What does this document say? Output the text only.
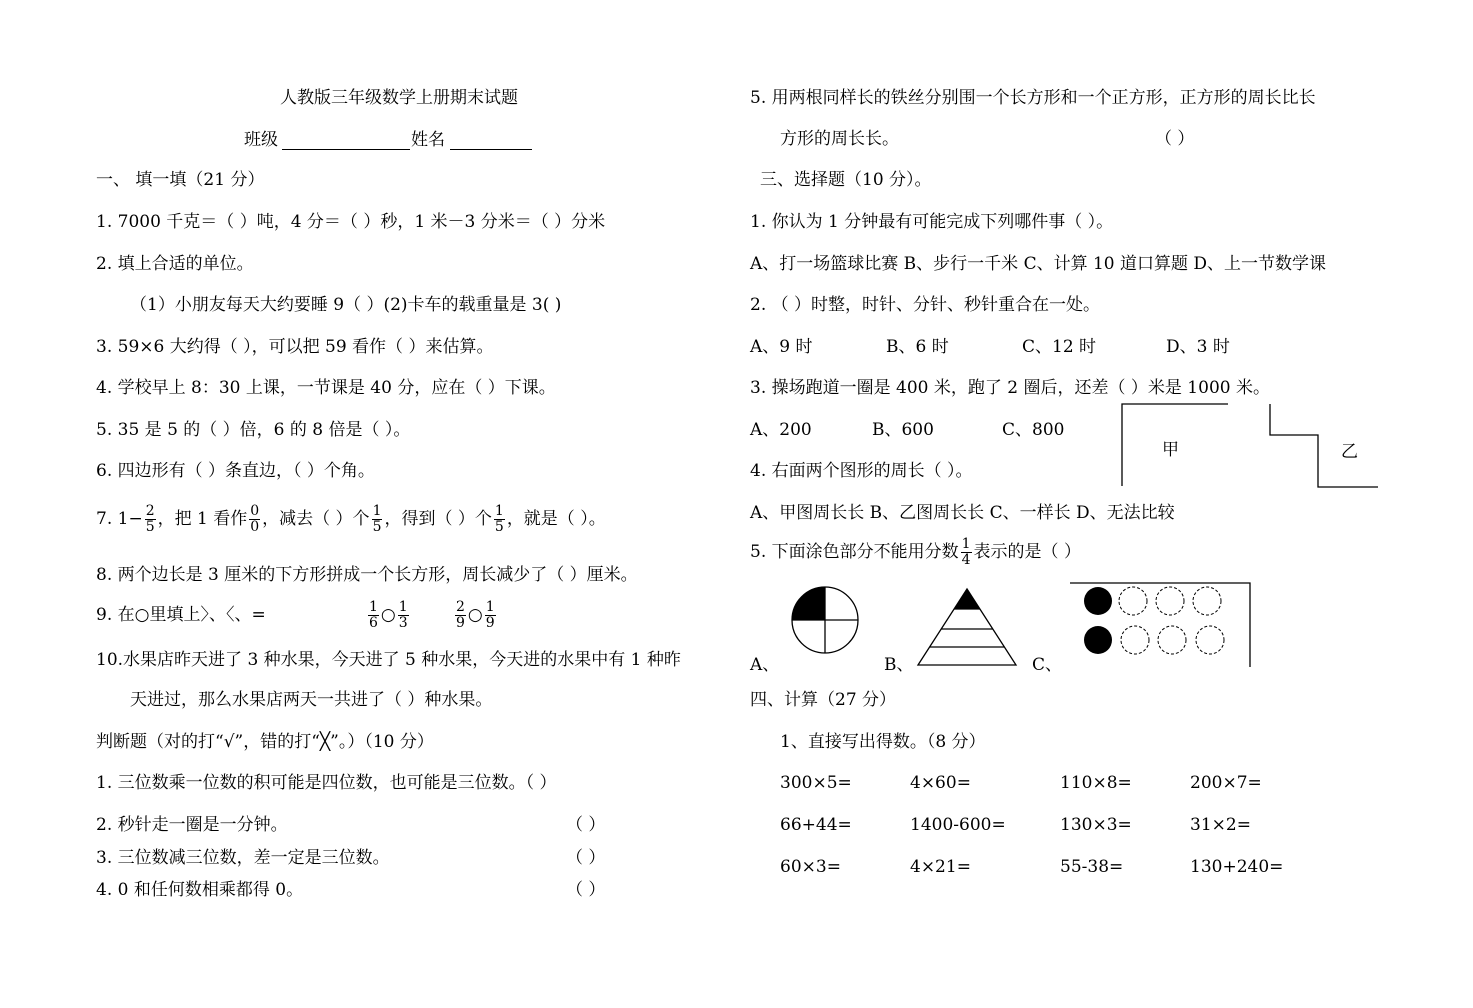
人教版三年级数学上册期末试题
班级	姓名
一、 填一填（21 分）
1. 7000 千克＝（ ）吨，4 分＝（ ）秒，1 米－3 分米＝（ ）分米
2. 填上合适的单位。
（1）小朋友每天大约要睡 9（ ）(2)卡车的载重量是 3( )
3. 59×6 大约得（ ），可以把 59 看作（ ）来估算。
4. 学校早上 8：30 上课，一节课是 40 分，应在（ ）下课。
5. 35 是 5 的（ ）倍，6 的 8 倍是（ ）。
6. 四边形有（ ）条直边，（ ）个角。
7. $1- \frac{2}{5}$ ，把 1 看作 $\frac{0}{0}$ ，减去（ ）个 $\frac{1}{5}$ ，得到（ ）个 $\frac{1}{5}$ ，就是（ ）。
8. 两个边长是 3 厘米的下方形拼成一个长方形，周长减少了（ ）厘米。
9. 在○里填上〉、〈、=	$\frac{1}{6}$ ○ $\frac{1}{3}$	$\frac{2}{9}$ ○ $\frac{1}{9}$
10.水果店昨天进了 3 种水果，今天进了 5 种水果，今天进的水果中有 1 种昨
天进过，那么水果店两天一共进了（ ）种水果。
判断题（对的打“√”，错的打“╳”。）（10 分）
1. 三位数乘一位数的积可能是四位数，也可能是三位数。（ ）
2. 秒针走一圈是一分钟。	（ ）
3. 三位数减三位数，差一定是三位数。	（ ）
4. 0 和任何数相乘都得 0。	（ ）
5. 用两根同样长的铁丝分别围一个长方形和一个正方形，正方形的周长比长
方形的周长长。	（ ）
三、选择题（10 分）。
1. 你认为 1 分钟最有可能完成下列哪件事（ ）。
A、打一场篮球比赛 B、步行一千米 C、计算 10 道口算题 D、上一节数学课
2. （ ）时整，时针、分针、秒针重合在一处。
A、9 时	B、6 时	C、12 时	D、3 时
3. 操场跑道一圈是 400 米，跑了 2 圈后，还差（ ）米是 1000 米。
A、200	B、600	C、800
甲	乙
4. 右面两个图形的周长（ ）。
A、甲图周长长 B、乙图周长长 C、一样长 D、无法比较
5. 下面涂色部分不能用分数 $\frac{1}{4}$ 表示的是（ ）
A、	B、	C、
四、计算（27 分）
1、直接写出得数。（8 分）
300×5=	4×60=	110×8=	200×7=
66+44=	1400-600=	130×3=	31×2=
60×3=	4×21=	55-38=	130+240=
